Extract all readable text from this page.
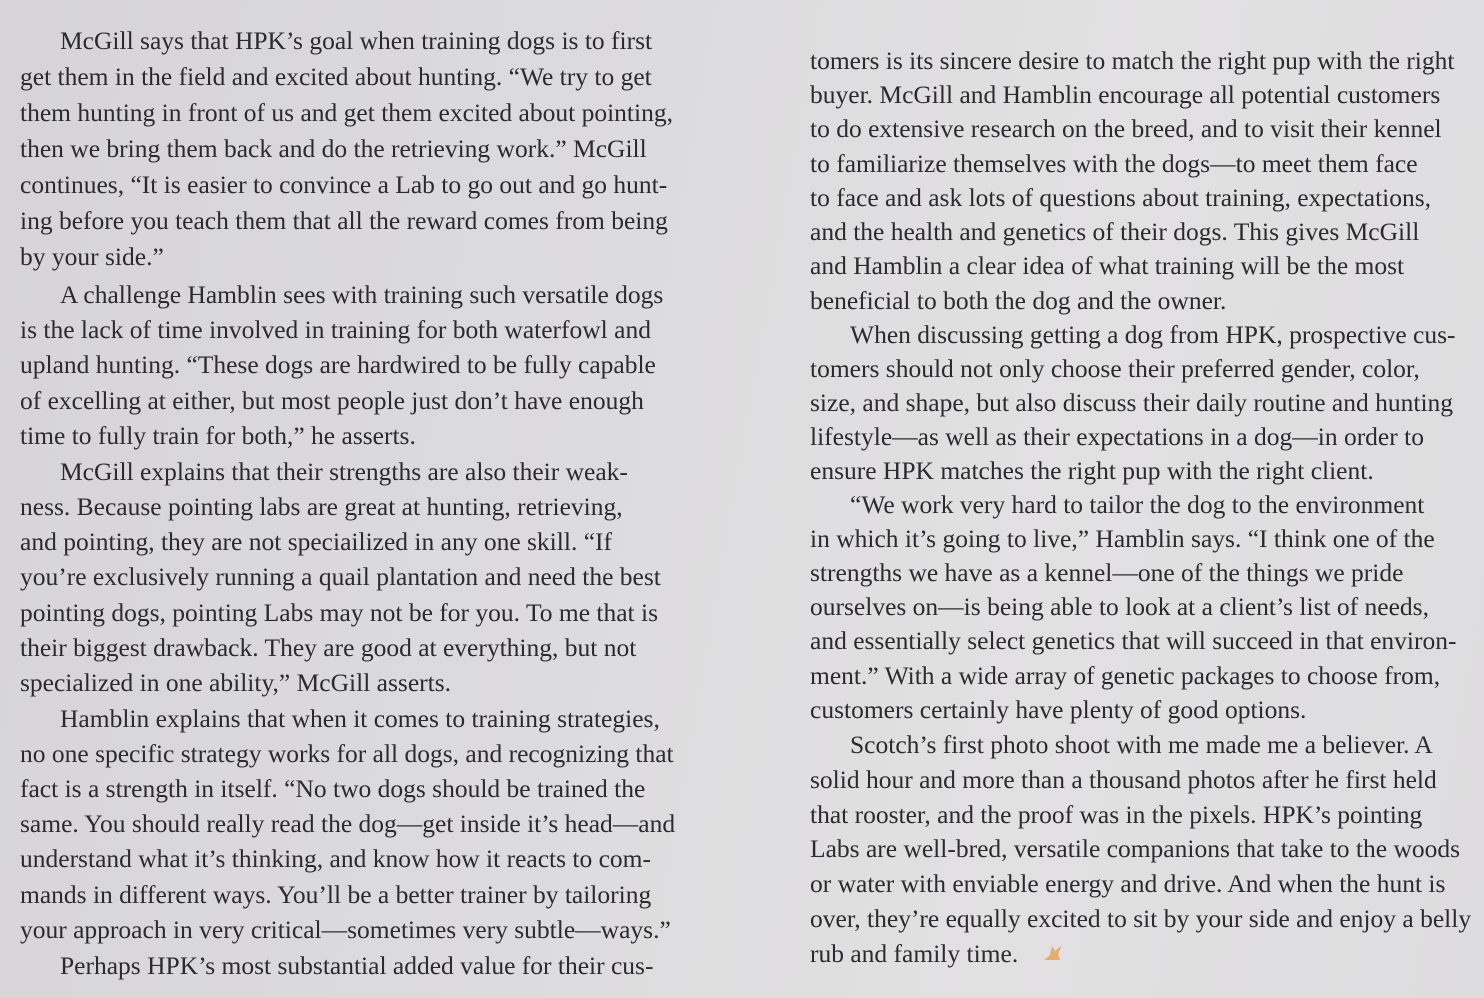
McGill says that HPK’s goal when training dogs is to first
get them in the field and excited about hunting. “We try to get
them hunting in front of us and get them excited about pointing,
then we bring them back and do the retrieving work.” McGill
continues, “It is easier to convince a Lab to go out and go hunt-
ing before you teach them that all the reward comes from being
by your side.”
A challenge Hamblin sees with training such versatile dogs
is the lack of time involved in training for both waterfowl and
upland hunting. “These dogs are hardwired to be fully capable
of excelling at either, but most people just don’t have enough
time to fully train for both,” he asserts.
McGill explains that their strengths are also their weak-
ness. Because pointing labs are great at hunting, retrieving,
and pointing, they are not speciailized in any one skill. “If
you’re exclusively running a quail plantation and need the best
pointing dogs, pointing Labs may not be for you. To me that is
their biggest drawback. They are good at everything, but not
specialized in one ability,” McGill asserts.
Hamblin explains that when it comes to training strategies,
no one specific strategy works for all dogs, and recognizing that
fact is a strength in itself. “No two dogs should be trained the
same. You should really read the dog—get inside it’s head—and
understand what it’s thinking, and know how it reacts to com-
mands in different ways. You’ll be a better trainer by tailoring
your approach in very critical—sometimes very subtle—ways.”
Perhaps HPK’s most substantial added value for their cus-
tomers is its sincere desire to match the right pup with the right
buyer. McGill and Hamblin encourage all potential customers
to do extensive research on the breed, and to visit their kennel
to familiarize themselves with the dogs—to meet them face
to face and ask lots of questions about training, expectations,
and the health and genetics of their dogs. This gives McGill
and Hamblin a clear idea of what training will be the most
beneficial to both the dog and the owner.
When discussing getting a dog from HPK, prospective cus-
tomers should not only choose their preferred gender, color,
size, and shape, but also discuss their daily routine and hunting
lifestyle—as well as their expectations in a dog—in order to
ensure HPK matches the right pup with the right client.
“We work very hard to tailor the dog to the environment
in which it’s going to live,” Hamblin says. “I think one of the
strengths we have as a kennel—one of the things we pride
ourselves on—is being able to look at a client’s list of needs,
and essentially select genetics that will succeed in that environ-
ment.” With a wide array of genetic packages to choose from,
customers certainly have plenty of good options.
Scotch’s first photo shoot with me made me a believer. A
solid hour and more than a thousand photos after he first held
that rooster, and the proof was in the pixels. HPK’s pointing
Labs are well-bred, versatile companions that take to the woods
or water with enviable energy and drive. And when the hunt is
over, they’re equally excited to sit by your side and enjoy a belly
rub and family time.
